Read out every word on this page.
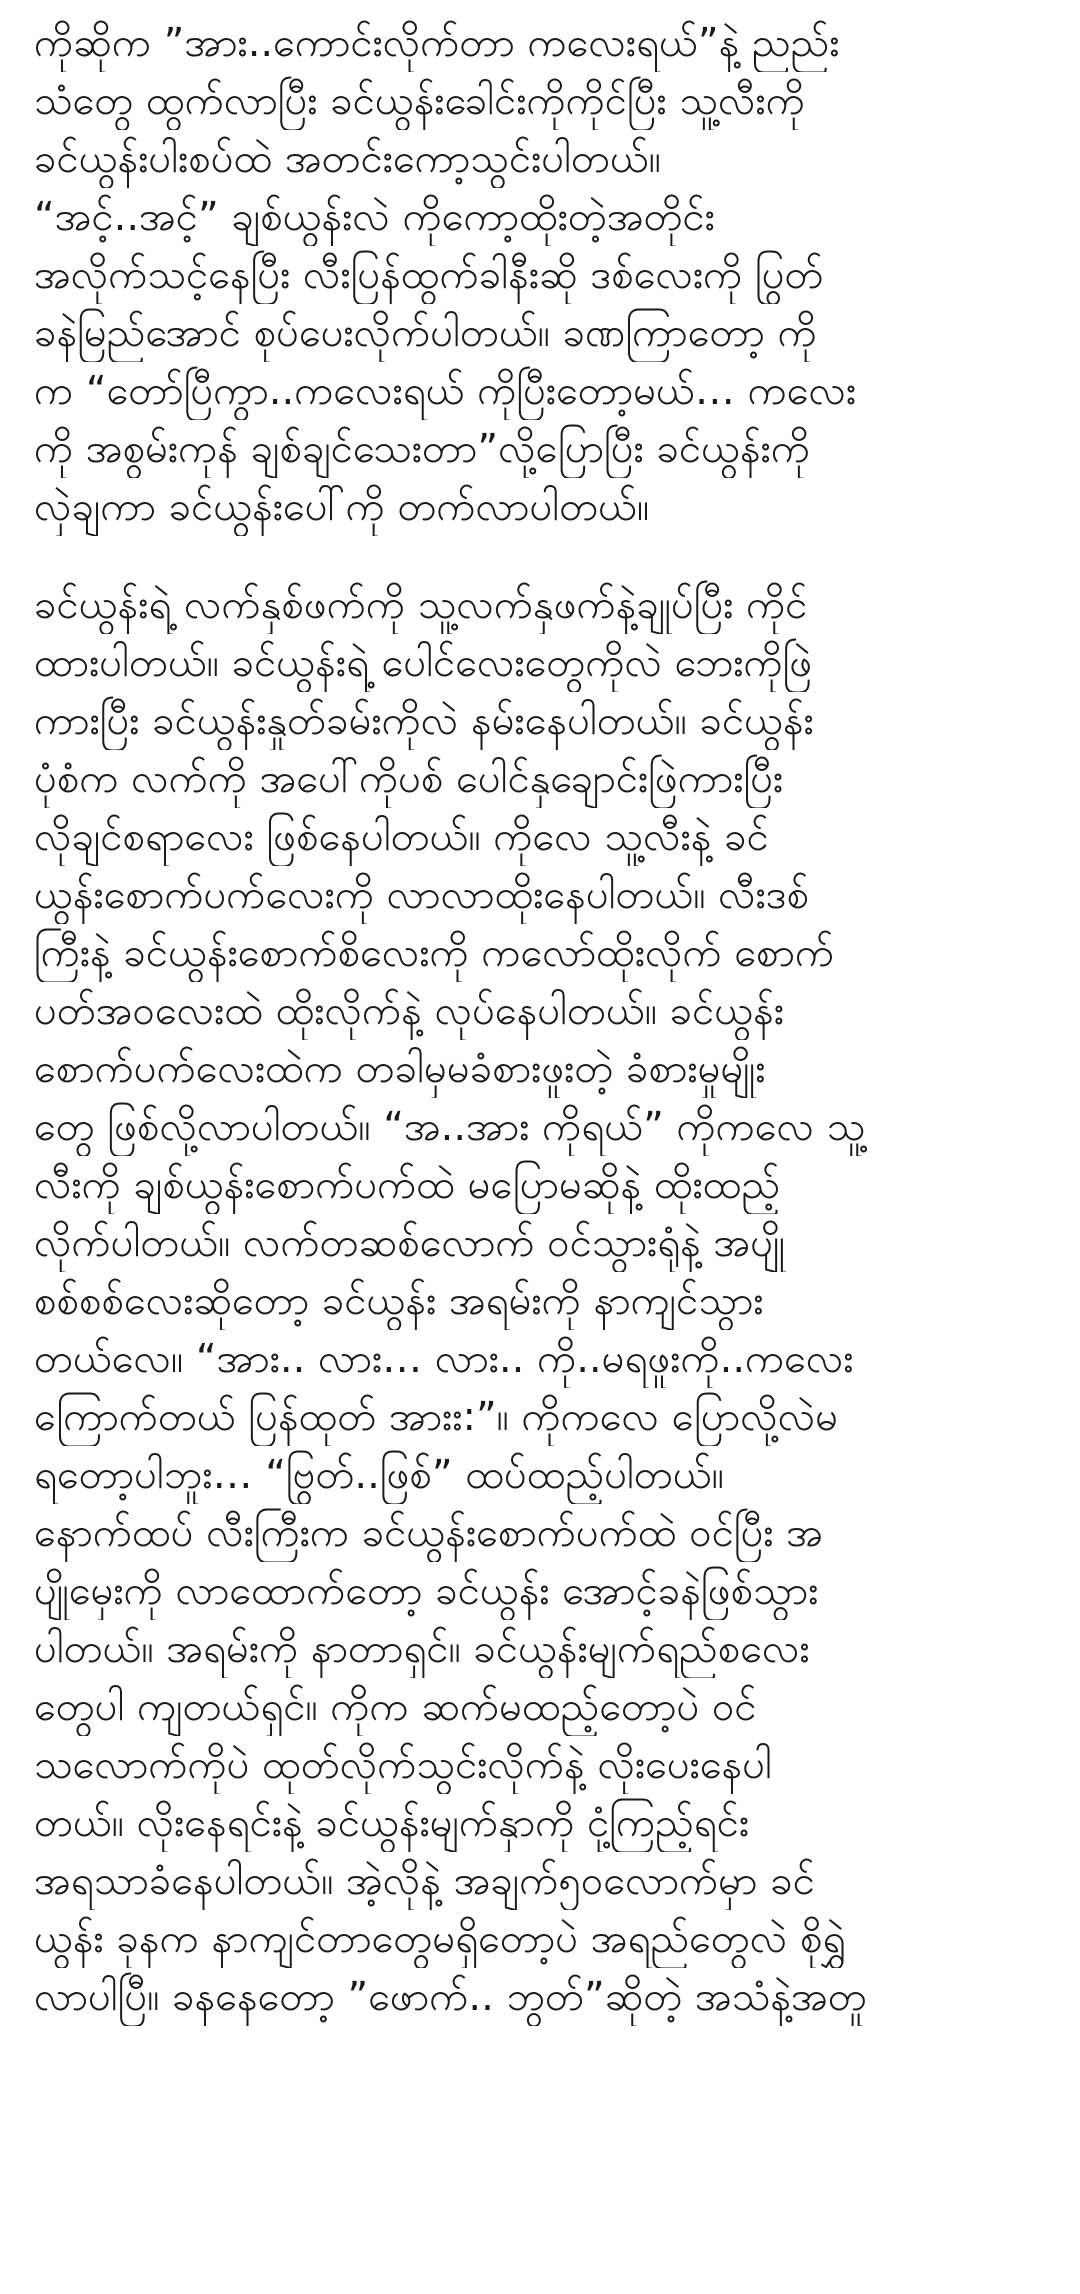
ကိုဆိုက ”အား..ကောင်းလိုက်တာ ကလေးရယ်”နဲ့ ညည်း
သံတွေ ထွက်လာပြီး ခင်ယွန်းခေါင်းကိုကိုင်ပြီး သူ့လီးကို
ခင်ယွန်းပါးစပ်ထဲ အတင်းကော့သွင်းပါတယ်။
“အင့်..အင့်” ချစ်ယွန်းလဲ ကိုကော့ထိုးတဲ့အတိုင်း
အလိုက်သင့်နေပြီး လီးပြန်ထွက်ခါနီးဆို ဒစ်လေးကို ပြွတ်
ခနဲမြည်အောင် စုပ်ပေးလိုက်ပါတယ်။ ခဏကြာတော့ ကို
က “တော်ပြီကွာ..ကလေးရယ် ကိုပြီးတော့မယ်… ကလေး
ကို အစွမ်းကုန် ချစ်ချင်သေးတာ”လို့ပြောပြီး ခင်ယွန်းကို
လှဲချကာ ခင်ယွန်းပေါ်ကို တက်လာပါတယ်။
ခင်ယွန်းရဲ့ လက်နှစ်ဖက်ကို သူ့လက်နှဖက်နဲ့ချုပ်ပြီး ကိုင်
ထားပါတယ်။ ခင်ယွန်းရဲ့ ပေါင်လေးတွေကိုလဲ ဘေးကိုဖြဲ
ကားပြီး ခင်ယွန်းနှုတ်ခမ်းကိုလဲ နမ်းနေပါတယ်။ ခင်ယွန်း
ပုံစံက လက်ကို အပေါ်ကိုပစ် ပေါင်နှချောင်းဖြဲကားပြီး
လိုချင်စရာလေး ဖြစ်နေပါတယ်။ ကိုလေ သူ့လီးနဲ့ ခင်
ယွန်းစောက်ပက်လေးကို လာလာထိုးနေပါတယ်။ လီးဒစ်
ကြီးနဲ့ ခင်ယွန်းစောက်စိလေးကို ကလော်ထိုးလိုက် စောက်
ပတ်အဝလေးထဲ ထိုးလိုက်နဲ့ လုပ်နေပါတယ်။ ခင်ယွန်း
စောက်ပက်လေးထဲက တခါမှမခံစားဖူးတဲ့ ခံစားမှုမျိုး
တွေ ဖြစ်လို့လာပါတယ်။ “အ..အား ကိုရယ်” ကိုကလေ သူ့
လီးကို ချစ်ယွန်းစောက်ပက်ထဲ မပြောမဆိုနဲ့ ထိုးထည့်
လိုက်ပါတယ်။ လက်တဆစ်လောက် ဝင်သွားရုံနဲ့ အပျို
စစ်စစ်လေးဆိုတော့ ခင်ယွန်း အရမ်းကို နာကျင်သွား
တယ်လေ။ “အား.. လား… လား.. ကို..မရဖူးကို..ကလေး
ကြောက်တယ် ပြန်ထုတ် အားး:”။ ကိုကလေ ပြောလို့လဲမ
ရတော့ပါဘူး… “ဗြွတ်..ဖြစ်” ထပ်ထည့်ပါတယ်။
နောက်ထပ် လီးကြီးက ခင်ယွန်းစောက်ပက်ထဲ ဝင်ပြီး အ
ပျိုမှေးကို လာထောက်တော့ ခင်ယွန်း အောင့်ခနဲဖြစ်သွား
ပါတယ်။ အရမ်းကို နာတာရှင်။ ခင်ယွန်းမျက်ရည်စလေး
တွေပါ ကျတယ်ရှင်။ ကိုက ဆက်မထည့်တော့ပဲ ဝင်
သလောက်ကိုပဲ ထုတ်လိုက်သွင်းလိုက်နဲ့ လိုးပေးနေပါ
တယ်။ လိုးနေရင်းနဲ့ ခင်ယွန်းမျက်နှာကို ငုံ့ကြည့်ရင်း
အရသာခံနေပါတယ်။ အဲ့လိုနဲ့ အချက်၅၀လောက်မှာ ခင်
ယွန်း ခုနက နာကျင်တာတွေမရှိတော့ပဲ အရည်တွေလဲ စိုရွှဲ
လာပါပြီ။ ခနနေတော့ ”ဖောက်.. ဘွတ်”ဆိုတဲ့ အသံနဲ့အတူ
